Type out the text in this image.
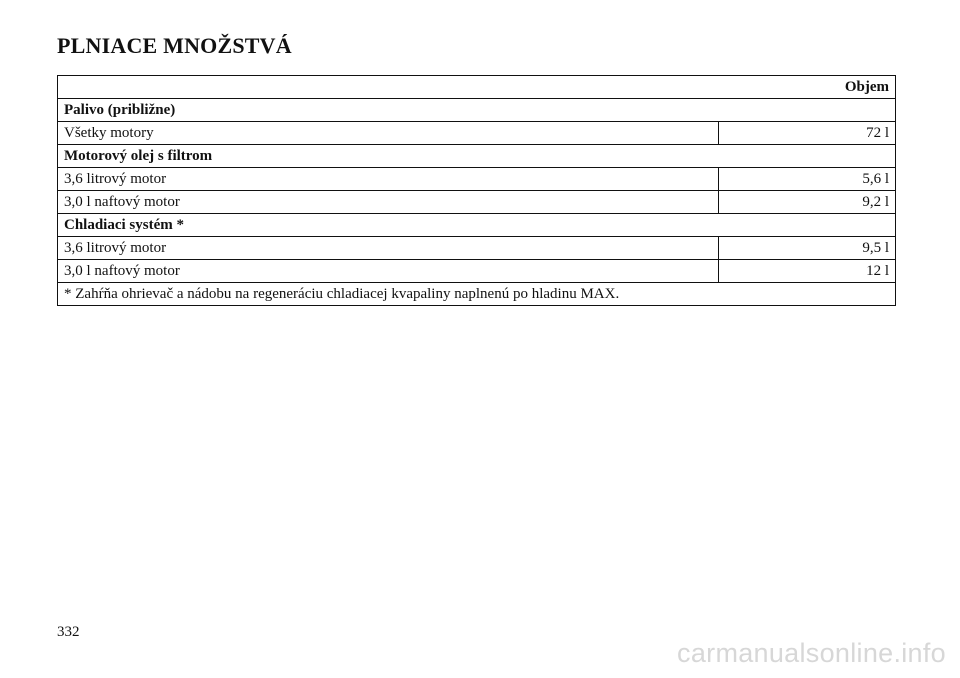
PLNIACE MNOŽSTVÁ
Objem	
Palivo (približne)	
Všetky motory	72 l
Motorový olej s filtrom	
3,6 litrový motor	5,6 l
3,0 l naftový motor	9,2 l
Chladiaci systém *	
3,6 litrový motor	9,5 l
3,0 l naftový motor	12 l
* Zahŕňa ohrievač a nádobu na regeneráciu chladiacej kvapaliny naplnenú po hladinu MAX.	
332
carmanualsonline.info
